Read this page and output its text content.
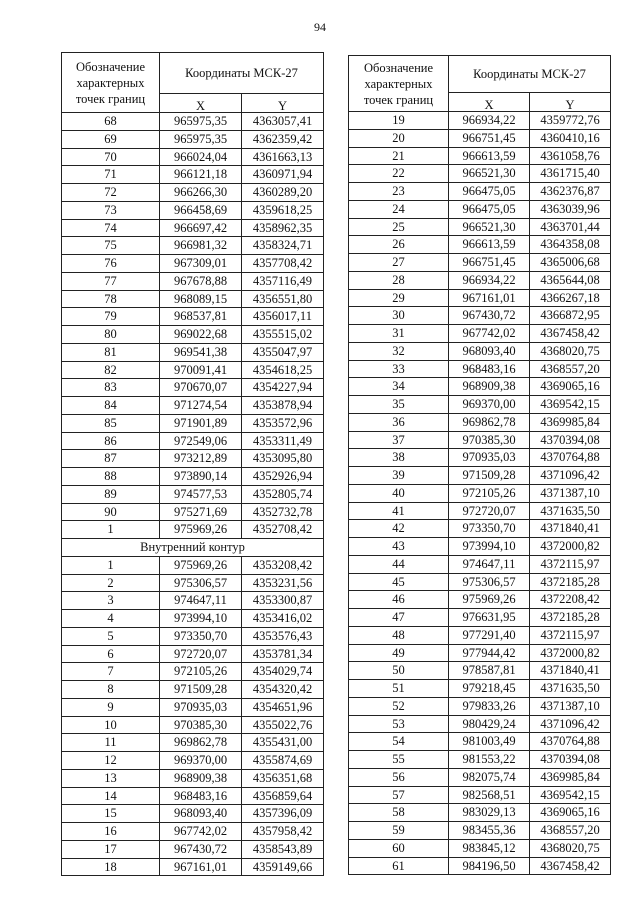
94
Обозначение характерных точек границ	Координаты МСК-27	
	X	Y
68	965975,35	4363057,41
69	965975,35	4362359,42
70	966024,04	4361663,13
71	966121,18	4360971,94
72	966266,30	4360289,20
73	966458,69	4359618,25
74	966697,42	4358962,35
75	966981,32	4358324,71
76	967309,01	4357708,42
77	967678,88	4357116,49
78	968089,15	4356551,80
79	968537,81	4356017,11
80	969022,68	4355515,02
81	969541,38	4355047,97
82	970091,41	4354618,25
83	970670,07	4354227,94
84	971274,54	4353878,94
85	971901,89	4353572,96
86	972549,06	4353311,49
87	973212,89	4353095,80
88	973890,14	4352926,94
89	974577,53	4352805,74
90	975271,69	4352732,78
1	975969,26	4352708,42
Внутренний контур		
1	975969,26	4353208,42
2	975306,57	4353231,56
3	974647,11	4353300,87
4	973994,10	4353416,02
5	973350,70	4353576,43
6	972720,07	4353781,34
7	972105,26	4354029,74
8	971509,28	4354320,42
9	970935,03	4354651,96
10	970385,30	4355022,76
11	969862,78	4355431,00
12	969370,00	4355874,69
13	968909,38	4356351,68
14	968483,16	4356859,64
15	968093,40	4357396,09
16	967742,02	4357958,42
17	967430,72	4358543,89
18	967161,01	4359149,66
Обозначение характерных точек границ	Координаты МСК-27	
	X	Y
19	966934,22	4359772,76
20	966751,45	4360410,16
21	966613,59	4361058,76
22	966521,30	4361715,40
23	966475,05	4362376,87
24	966475,05	4363039,96
25	966521,30	4363701,44
26	966613,59	4364358,08
27	966751,45	4365006,68
28	966934,22	4365644,08
29	967161,01	4366267,18
30	967430,72	4366872,95
31	967742,02	4367458,42
32	968093,40	4368020,75
33	968483,16	4368557,20
34	968909,38	4369065,16
35	969370,00	4369542,15
36	969862,78	4369985,84
37	970385,30	4370394,08
38	970935,03	4370764,88
39	971509,28	4371096,42
40	972105,26	4371387,10
41	972720,07	4371635,50
42	973350,70	4371840,41
43	973994,10	4372000,82
44	974647,11	4372115,97
45	975306,57	4372185,28
46	975969,26	4372208,42
47	976631,95	4372185,28
48	977291,40	4372115,97
49	977944,42	4372000,82
50	978587,81	4371840,41
51	979218,45	4371635,50
52	979833,26	4371387,10
53	980429,24	4371096,42
54	981003,49	4370764,88
55	981553,22	4370394,08
56	982075,74	4369985,84
57	982568,51	4369542,15
58	983029,13	4369065,16
59	983455,36	4368557,20
60	983845,12	4368020,75
61	984196,50	4367458,42
